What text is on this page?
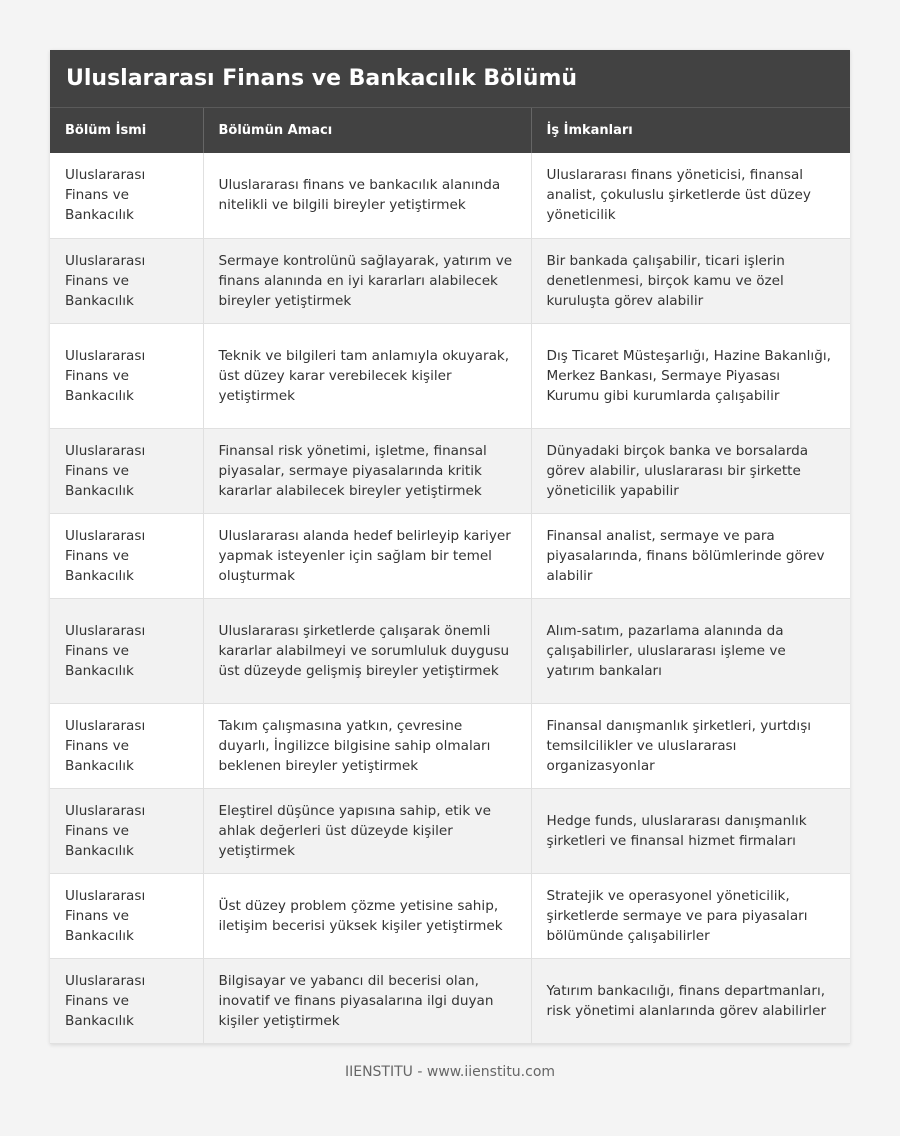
Uluslararası Finans ve Bankacılık Bölümü
Bölüm İsmi	Bölümün Amacı	İş İmkanları
Uluslararası Finans ve Bankacılık	Uluslararası finans ve bankacılık alanında nitelikli ve bilgili bireyler yetiştirmek	Uluslararası finans yöneticisi, finansal analist, çokuluslu şirketlerde üst düzey yöneticilik
Uluslararası Finans ve Bankacılık	Sermaye kontrolünü sağlayarak, yatırım ve finans alanında en iyi kararları alabilecek bireyler yetiştirmek	Bir bankada çalışabilir, ticari işlerin denetlenmesi, birçok kamu ve özel kuruluşta görev alabilir
Uluslararası Finans ve Bankacılık	Teknik ve bilgileri tam anlamıyla okuyarak, üst düzey karar verebilecek kişiler yetiştirmek	Dış Ticaret Müsteşarlığı, Hazine Bakanlığı, Merkez Bankası, Sermaye Piyasası Kurumu gibi kurumlarda çalışabilir
Uluslararası Finans ve Bankacılık	Finansal risk yönetimi, işletme, finansal piyasalar, sermaye piyasalarında kritik kararlar alabilecek bireyler yetiştirmek	Dünyadaki birçok banka ve borsalarda görev alabilir, uluslararası bir şirkette yöneticilik yapabilir
Uluslararası Finans ve Bankacılık	Uluslararası alanda hedef belirleyip kariyer yapmak isteyenler için sağlam bir temel oluşturmak	Finansal analist, sermaye ve para piyasalarında, finans bölümlerinde görev alabilir
Uluslararası Finans ve Bankacılık	Uluslararası şirketlerde çalışarak önemli kararlar alabilmeyi ve sorumluluk duygusu üst düzeyde gelişmiş bireyler yetiştirmek	Alım-satım, pazarlama alanında da çalışabilirler, uluslararası işleme ve yatırım bankaları
Uluslararası Finans ve Bankacılık	Takım çalışmasına yatkın, çevresine duyarlı, İngilizce bilgisine sahip olmaları beklenen bireyler yetiştirmek	Finansal danışmanlık şirketleri, yurtdışı temsilcilikler ve uluslararası organizasyonlar
Uluslararası Finans ve Bankacılık	Eleştirel düşünce yapısına sahip, etik ve ahlak değerleri üst düzeyde kişiler yetiştirmek	Hedge funds, uluslararası danışmanlık şirketleri ve finansal hizmet firmaları
Uluslararası Finans ve Bankacılık	Üst düzey problem çözme yetisine sahip, iletişim becerisi yüksek kişiler yetiştirmek	Stratejik ve operasyonel yöneticilik, şirketlerde sermaye ve para piyasaları bölümünde çalışabilirler
Uluslararası Finans ve Bankacılık	Bilgisayar ve yabancı dil becerisi olan, inovatif ve finans piyasalarına ilgi duyan kişiler yetiştirmek	Yatırım bankacılığı, finans departmanları, risk yönetimi alanlarında görev alabilirler
IIENSTITU - www.iienstitu.com
